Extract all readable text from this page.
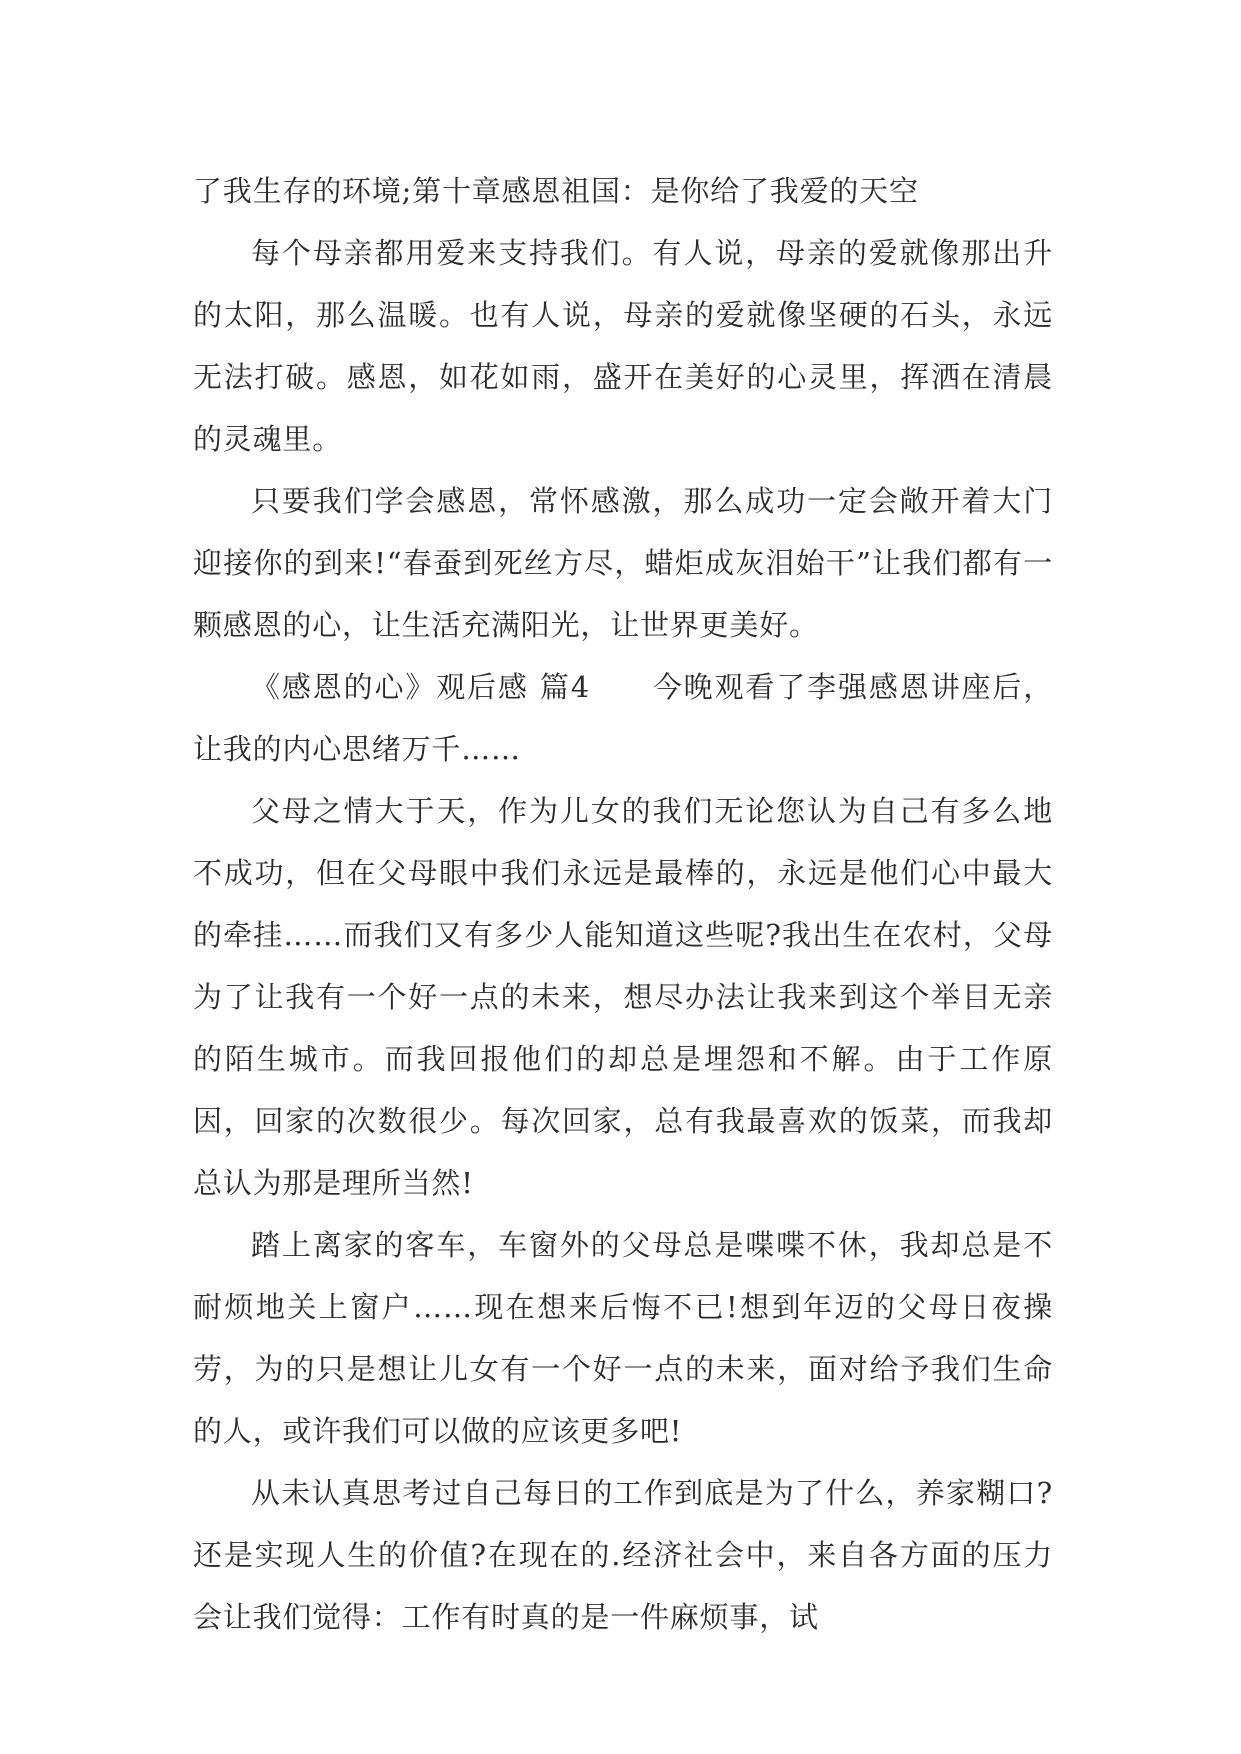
了我生存的环境;第十章感恩祖国：是你给了我爱的天空

每个母亲都用爱来支持我们。有人说，母亲的爱就像那出升的太阳，那么温暖。也有人说，母亲的爱就像坚硬的石头，永远无法打破。感恩，如花如雨，盛开在美好的心灵里，挥洒在清晨的灵魂里。

只要我们学会感恩，常怀感激，那么成功一定会敞开着大门迎接你的到来!“春蚕到死丝方尽，蜡炬成灰泪始干”让我们都有一颗感恩的心，让生活充满阳光，让世界更美好。

《感恩的心》观后感 篇4　　今晚观看了李强感恩讲座后，让我的内心思绪万千……

父母之情大于天，作为儿女的我们无论您认为自己有多么地不成功，但在父母眼中我们永远是最棒的，永远是他们心中最大的牵挂……而我们又有多少人能知道这些呢?我出生在农村，父母为了让我有一个好一点的未来，想尽办法让我来到这个举目无亲的陌生城市。而我回报他们的却总是埋怨和不解。由于工作原因，回家的次数很少。每次回家，总有我最喜欢的饭菜，而我却总认为那是理所当然!

踏上离家的客车，车窗外的父母总是喋喋不休，我却总是不耐烦地关上窗户……现在想来后悔不已!想到年迈的父母日夜操劳，为的只是想让儿女有一个好一点的未来，面对给予我们生命的人，或许我们可以做的应该更多吧!

从未认真思考过自己每日的工作到底是为了什么，养家糊口?还是实现人生的价值?在现在的.经济社会中，来自各方面的压力会让我们觉得：工作有时真的是一件麻烦事，试
